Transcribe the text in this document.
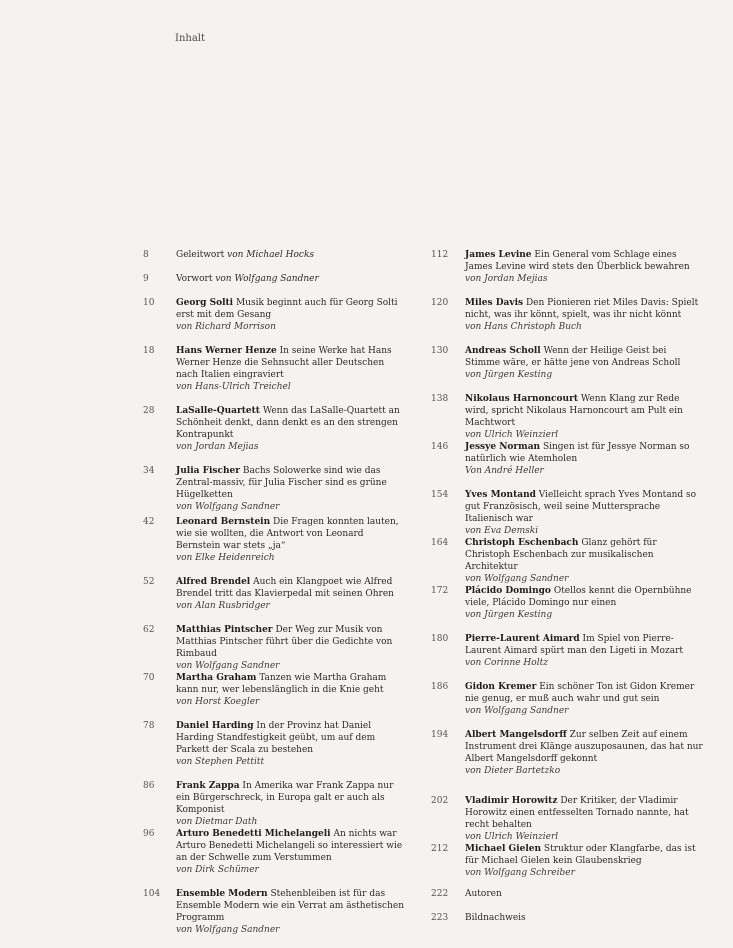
Inhalt
8	Geleitwort von Michael Hocks
9	Vorwort von Wolfgang Sandner
10	Georg Solti Musik beginnt auch für Georg Solti erst mit dem Gesang
von Richard Morrison
18	Hans Werner Henze In seine Werke hat Hans Werner Henze die Sehnsucht aller Deutschen nach Italien eingraviert
von Hans-Ulrich Treichel
28	LaSalle-Quartett Wenn das LaSalle-Quartett an Schönheit denkt, dann denkt es an den strengen Kontrapunkt
von Jordan Mejias
34	Julia Fischer Bachs Solowerke sind wie das Zentral-massiv, für Julia Fischer sind es grüne Hügelketten
von Wolfgang Sandner
42	Leonard Bernstein Die Fragen konnten lauten, wie sie wollten, die Antwort von Leonard Bernstein war stets „ja“
von Elke Heidenreich
52	Alfred Brendel Auch ein Klangpoet wie Alfred Brendel tritt das Klavierpedal mit seinen Ohren
von Alan Rusbridger
62	Matthias Pintscher Der Weg zur Musik von Matthias Pintscher führt über die Gedichte von Rimbaud
von Wolfgang Sandner
70	Martha Graham Tanzen wie Martha Graham kann nur, wer lebenslänglich in die Knie geht
von Horst Koegler
78	Daniel Harding In der Provinz hat Daniel Harding Standfestigkeit geübt, um auf dem Parkett der Scala zu bestehen
von Stephen Pettitt
86	Frank Zappa In Amerika war Frank Zappa nur ein Bürgerschreck, in Europa galt er auch als Komponist
von Dietmar Dath
96	Arturo Benedetti Michelangeli An nichts war Arturo Benedetti Michelangeli so interessiert wie an der Schwelle zum Verstummen
von Dirk Schümer
104	Ensemble Modern Stehenbleiben ist für das Ensemble Modern wie ein Verrat am ästhetischen Programm
von Wolfgang Sandner
112	James Levine Ein General vom Schlage eines James Levine wird stets den Überblick bewahren
von Jordan Mejias
120	Miles Davis Den Pionieren riet Miles Davis: Spielt nicht, was ihr könnt, spielt, was ihr nicht könnt
von Hans Christoph Buch
130	Andreas Scholl Wenn der Heilige Geist bei Stimme wäre, er hätte jene von Andreas Scholl
von Jürgen Kesting
138	Nikolaus Harnoncourt Wenn Klang zur Rede wird, spricht Nikolaus Harnoncourt am Pult ein Machtwort
von Ulrich Weinzierl
146	Jessye Norman Singen ist für Jessye Norman so natürlich wie Atemholen
Von André Heller
154	Yves Montand Vielleicht sprach Yves Montand so gut Französisch, weil seine Muttersprache Italienisch war
von Eva Demski
164	Christoph Eschenbach Glanz gehört für Christoph Eschenbach zur musikalischen Architektur
von Wolfgang Sandner
172	Plácido Domingo Otellos kennt die Opernbühne viele, Plácido Domingo nur einen
von Jürgen Kesting
180	Pierre-Laurent Aimard Im Spiel von Pierre-Laurent Aimard spürt man den Ligeti in Mozart
von Corinne Holtz
186	Gidon Kremer Ein schöner Ton ist Gidon Kremer nie genug, er muß auch wahr und gut sein
von Wolfgang Sandner
194	Albert Mangelsdorff Zur selben Zeit auf einem Instrument drei Klänge auszuposaunen, das hat nur Albert Mangelsdorff gekonnt
von Dieter Bartetzko
202	Vladimir Horowitz Der Kritiker, der Vladimir Horowitz einen entfesselten Tornado nannte, hat recht behalten
von Ulrich Weinzierl
212	Michael Gielen Struktur oder Klangfarbe, das ist für Michael Gielen kein Glaubenskrieg
von Wolfgang Schreiber
222	Autoren
223	Bildnachweis
